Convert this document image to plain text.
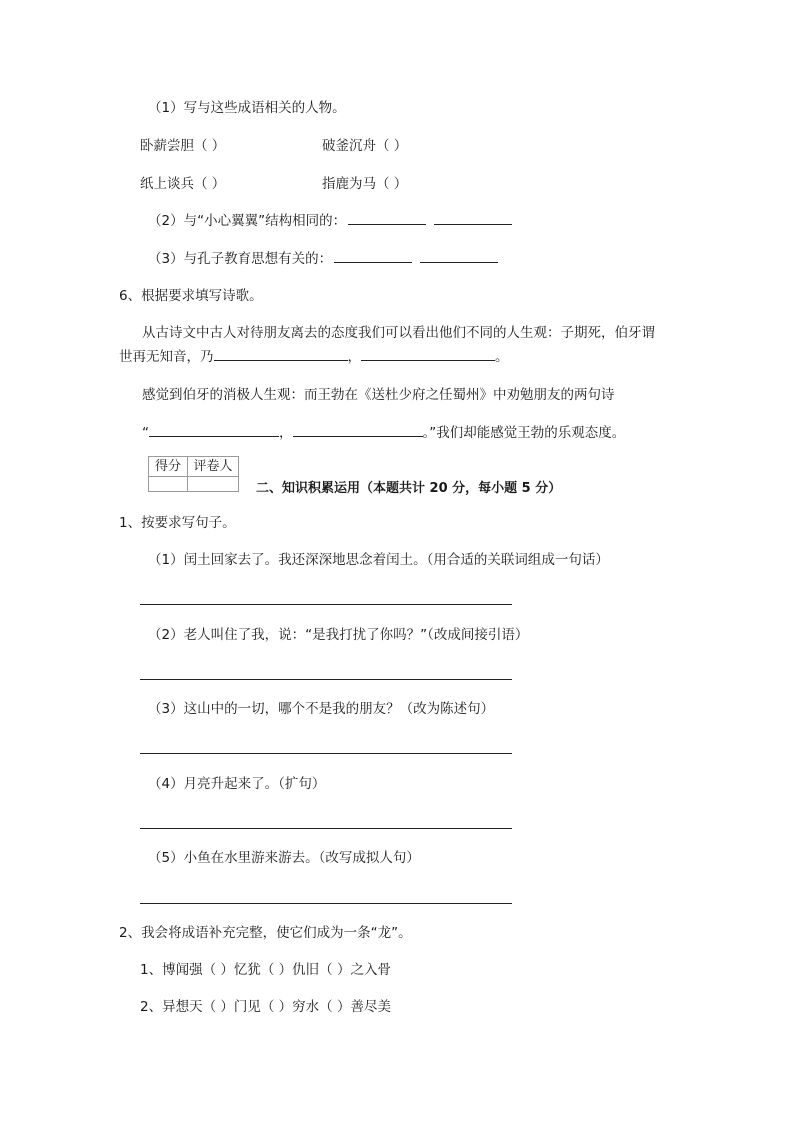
（1）写与这些成语相关的人物。
卧薪尝胆（ ）	破釜沉舟（ ）
纸上谈兵（ ）	指鹿为马（ ）
（2）与“小心翼翼”结构相同的：
（3）与孔子教育思想有关的：
6、根据要求填写诗歌。
从古诗文中古人对待朋友离去的态度我们可以看出他们不同的人生观：子期死，伯牙谓
世再无知音，乃	，	。
感觉到伯牙的消极人生观：而王勃在《送杜少府之任蜀州》中劝勉朋友的两句诗
“	，	。”我们却能感觉王勃的乐观态度。
得分	评卷人

二、知识积累运用（本题共计 20 分，每小题 5 分）
1、按要求写句子。
（1）闰土回家去了。我还深深地思念着闰土。（用合适的关联词组成一句话）
（2）老人叫住了我，说：“是我打扰了你吗？”（改成间接引语）
（3）这山中的一切，哪个不是我的朋友？（改为陈述句）
（4）月亮升起来了。（扩句）
（5）小鱼在水里游来游去。（改写成拟人句）
2、我会将成语补充完整，使它们成为一条“龙”。
1、博闻强（ ）忆犹（ ）仇旧（ ）之入骨
2、异想天（ ）门见（ ）穷水（ ）善尽美
